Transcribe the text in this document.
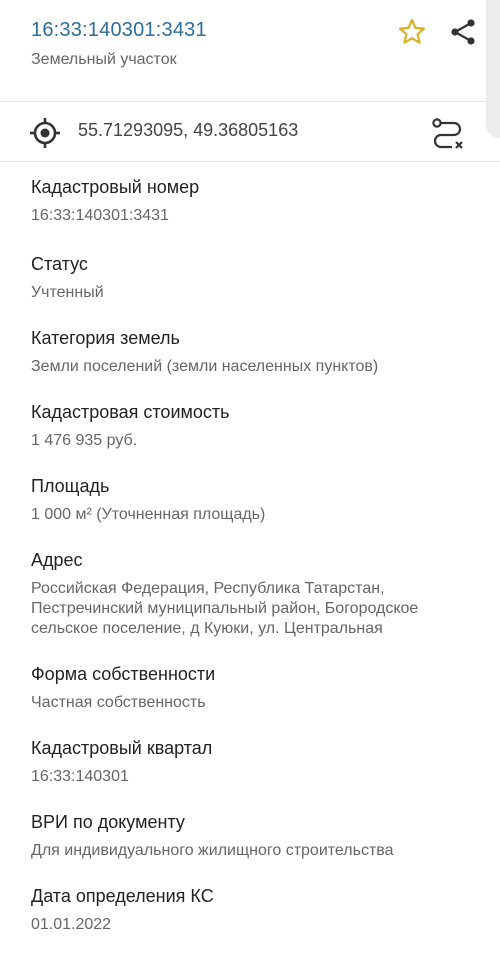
16:33:140301:3431
Земельный участок
55.71293095, 49.36805163
Кадастровый номер
16:33:140301:3431
Статус
Учтенный
Категория земель
Земли поселений (земли населенных пунктов)
Кадастровая стоимость
1 476 935 руб.
Площадь
1 000 м² (Уточненная площадь)
Адрес
Российская Федерация, Республика Татарстан, Пестречинский муниципальный район, Богородское сельское поселение, д Куюки, ул. Центральная
Форма собственности
Частная собственность
Кадастровый квартал
16:33:140301
ВРИ по документу
Для индивидуального жилищного строительства
Дата определения КС
01.01.2022
